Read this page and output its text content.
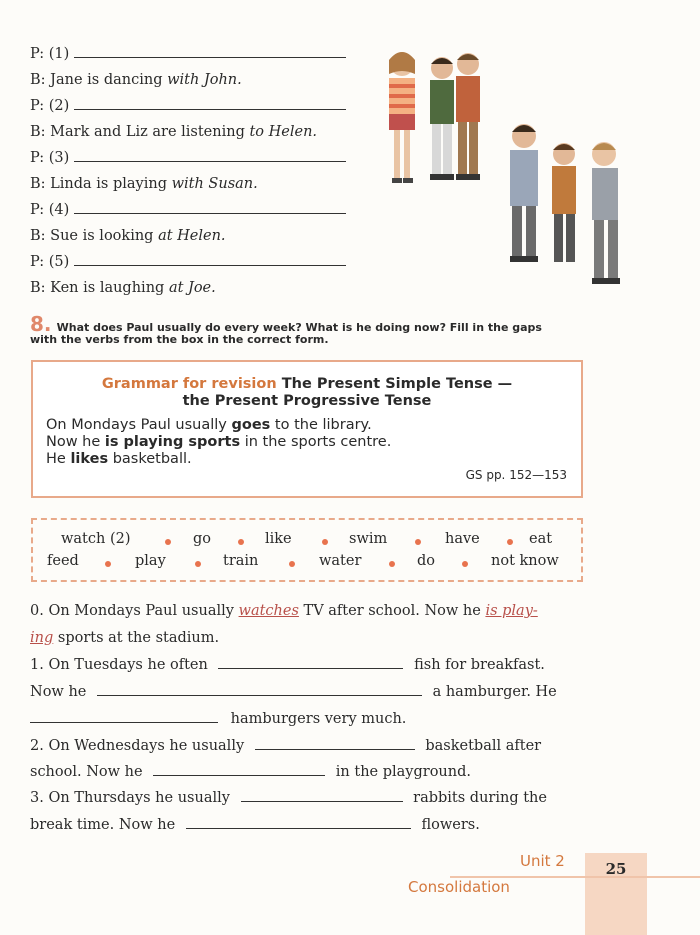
P: (1)
B: Jane is dancing with John.
P: (2)
B: Mark and Liz are listening to Helen.
P: (3)
B: Linda is playing with Susan.
P: (4)
B: Sue is looking at Helen.
P: (5)
B: Ken is laughing at Joe.
8. What does Paul usually do every week? What is he doing now? Fill in the gaps
with the verbs from the box in the correct form.
Grammar for revision The Present Simple Tense —
the Present Progressive Tense
On Mondays Paul usually goes to the library.
Now he is playing sports in the sports centre.
He likes basketball.
GS pp. 152—153
watch (2)	go	like	swim	have	eat
feed	play	train	water	do	not know
0. On Mondays Paul usually watches TV after school. Now he is play-
ing sports at the stadium.
1. On Tuesdays he often	fish for breakfast.
Now he	a hamburger. He
hamburgers very much.
2. On Wednesdays he usually	basketball after
school. Now he	in the playground.
3. On Thursdays he usually	rabbits during the
break time. Now he	flowers.
Unit 2
Consolidation
25
